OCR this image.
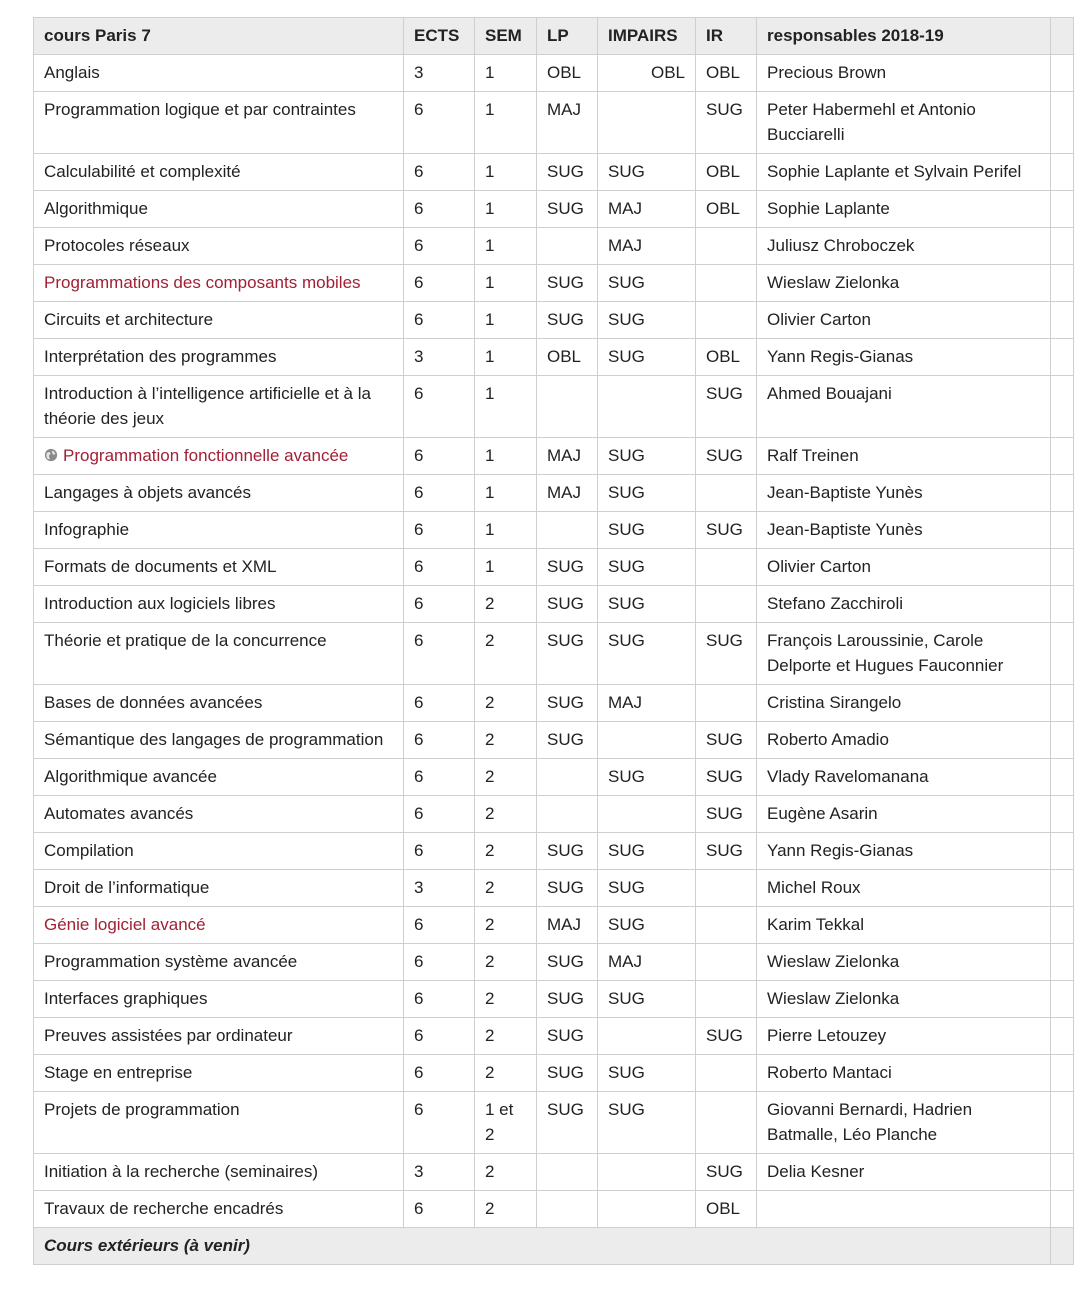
cours Paris 7	ECTS	SEM	LP	IMPAIRS	IR	responsables 2018-19	
Anglais	3	1	OBL	OBL	OBL	Precious Brown	
Programmation logique et par contraintes	6	1	MAJ		SUG	Peter Habermehl et Antonio Bucciarelli	
Calculabilité et complexité	6	1	SUG	SUG	OBL	Sophie Laplante et Sylvain Perifel	
Algorithmique	6	1	SUG	MAJ	OBL	Sophie Laplante	
Protocoles réseaux	6	1		MAJ		Juliusz Chroboczek	
Programmations des composants mobiles	6	1	SUG	SUG		Wieslaw Zielonka	
Circuits et architecture	6	1	SUG	SUG		Olivier Carton	
Interprétation des programmes	3	1	OBL	SUG	OBL	Yann Regis-Gianas	
Introduction à l’intelligence artificielle et à la théorie des jeux	6	1			SUG	Ahmed Bouajani	
Programmation fonctionnelle avancée	6	1	MAJ	SUG	SUG	Ralf Treinen	
Langages à objets avancés	6	1	MAJ	SUG		Jean-Baptiste Yunès	
Infographie	6	1		SUG	SUG	Jean-Baptiste Yunès	
Formats de documents et XML	6	1	SUG	SUG		Olivier Carton	
Introduction aux logiciels libres	6	2	SUG	SUG		Stefano Zacchiroli	
Théorie et pratique de la concurrence	6	2	SUG	SUG	SUG	François Laroussinie, Carole Delporte et Hugues Fauconnier	
Bases de données avancées	6	2	SUG	MAJ		Cristina Sirangelo	
Sémantique des langages de programmation	6	2	SUG		SUG	Roberto Amadio	
Algorithmique avancée	6	2		SUG	SUG	Vlady Ravelomanana	
Automates avancés	6	2			SUG	Eugène Asarin	
Compilation	6	2	SUG	SUG	SUG	Yann Regis-Gianas	
Droit de l’informatique	3	2	SUG	SUG		Michel Roux	
Génie logiciel avancé	6	2	MAJ	SUG		Karim Tekkal	
Programmation système avancée	6	2	SUG	MAJ		Wieslaw Zielonka	
Interfaces graphiques	6	2	SUG	SUG		Wieslaw Zielonka	
Preuves assistées par ordinateur	6	2	SUG		SUG	Pierre Letouzey	
Stage en entreprise	6	2	SUG	SUG		Roberto Mantaci	
Projets de programmation	6	1 et 2	SUG	SUG		Giovanni Bernardi, Hadrien Batmalle, Léo Planche	
Initiation à la recherche (seminaires)	3	2			SUG	Delia Kesner	
Travaux de recherche encadrés	6	2			OBL		
Cours extérieurs (à venir)							
